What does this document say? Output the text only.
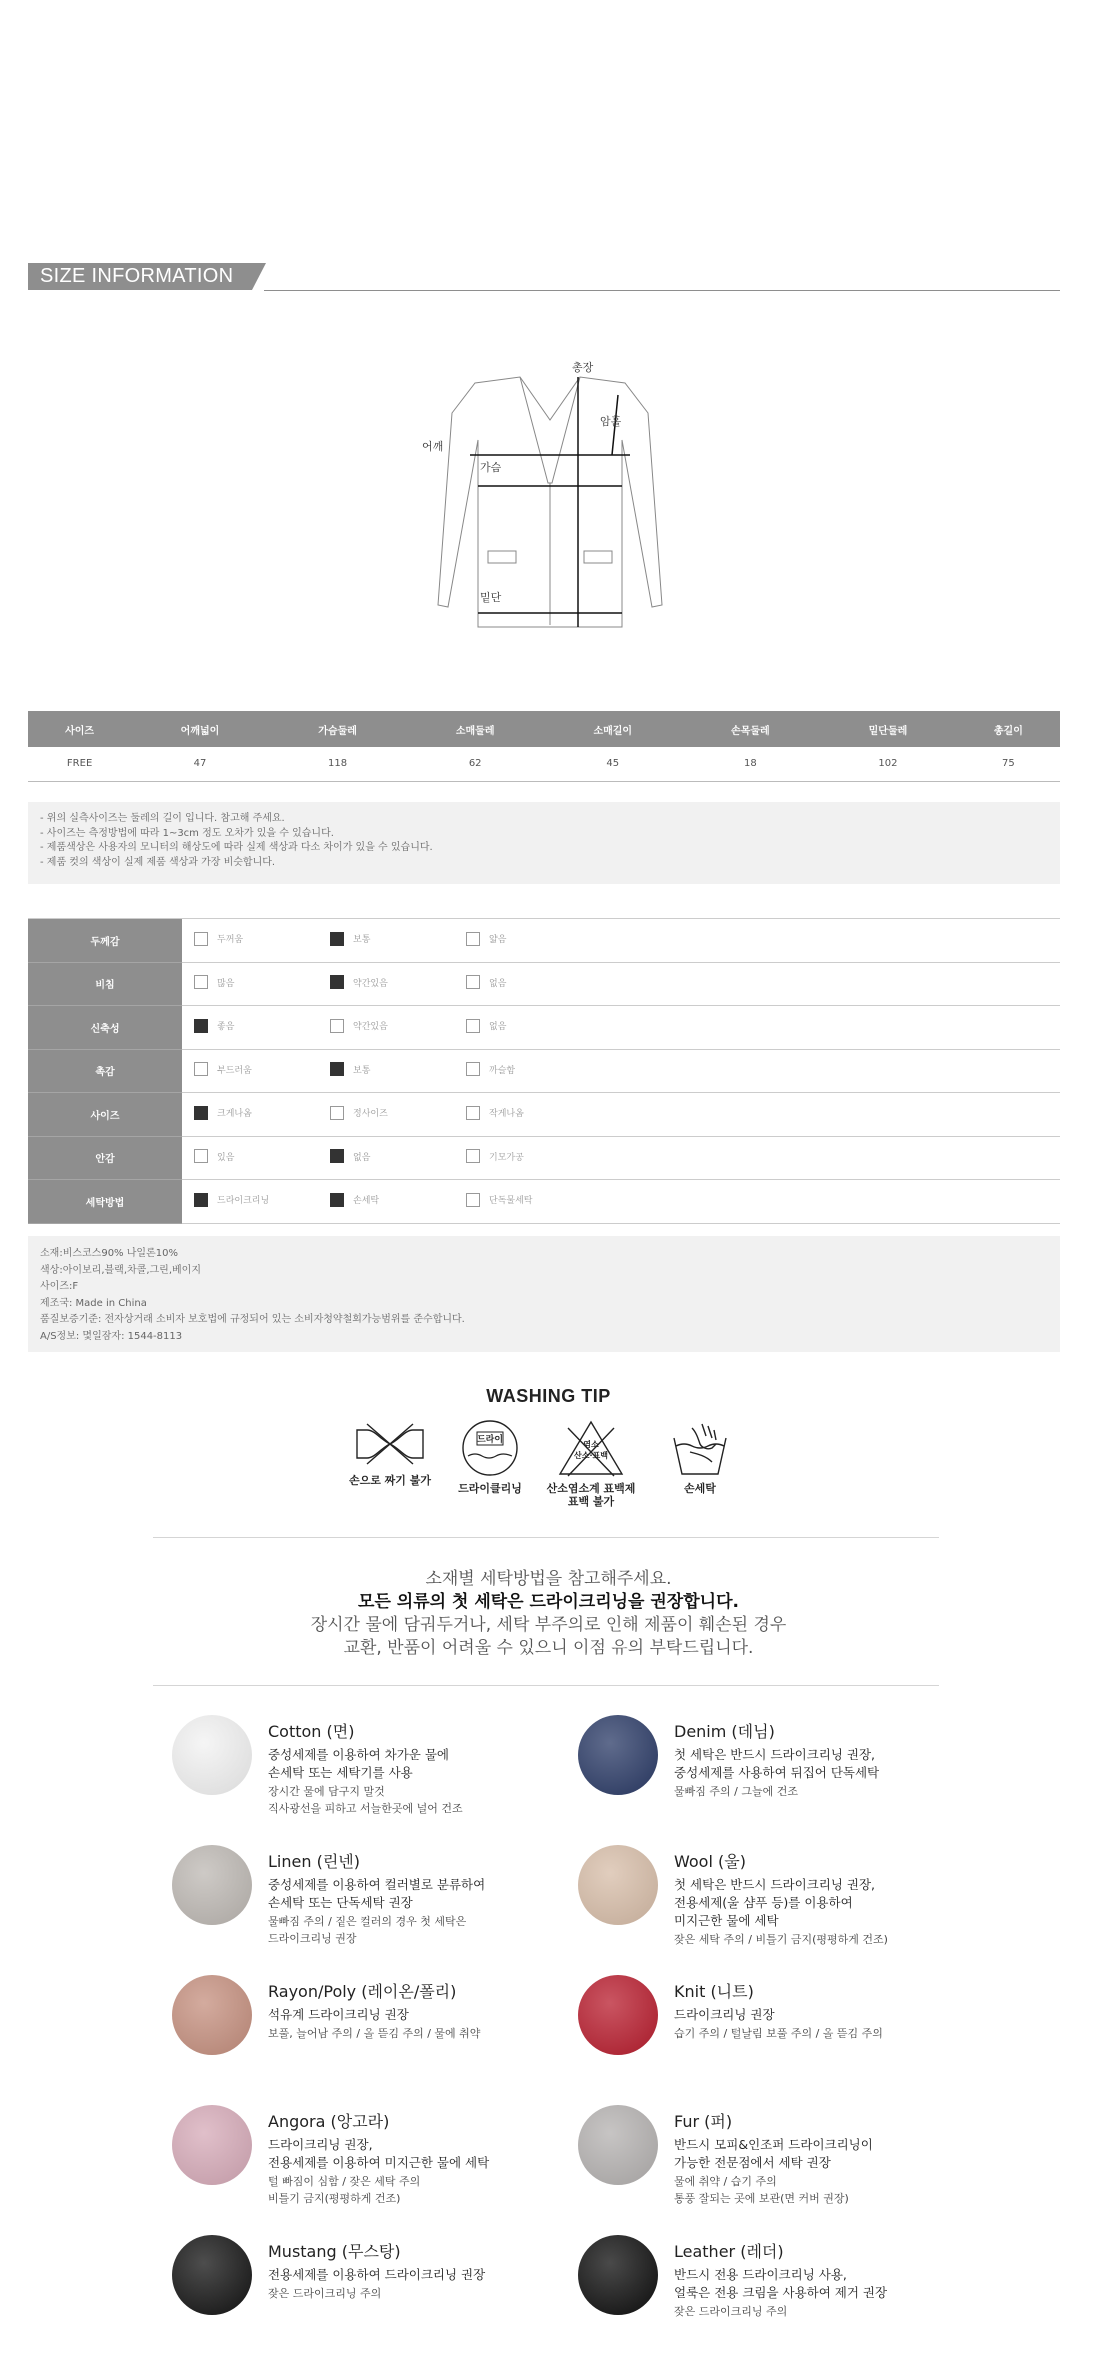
SIZE INFORMATION
총장
어깨
암홀
가슴
밑단
사이즈	어깨넓이	가슴둘레	소매둘레	소매길이	손목둘레	밑단둘레	총길이
FREE	47	118	62	45	18	102	75
- 위의 실측사이즈는 둘레의 길이 입니다. 참고해 주세요.
- 사이즈는 측정방법에 따라 1~3cm 정도 오차가 있을 수 있습니다.
- 제품색상은 사용자의 모니터의 해상도에 따라 실제 색상과 다소 차이가 있을 수 있습니다.
- 제품 컷의 색상이 실제 제품 색상과 가장 비슷합니다.
두께감	두꺼움 보통 얇음

비침	많음 약간있음 없음

신축성	좋음 약간있음 없음

촉감	부드러움 보통 까슬함

사이즈	크게나옴 정사이즈 작게나옴

안감	있음 없음 기모가공

세탁방법	드라이크리닝 손세탁 단독물세탁
소재:비스코스90% 나일론10%
색상:아이보리,블랙,차콜,그린,베이지
사이즈:F
제조국: Made in China
품질보증기준: 전자상거래 소비자 보호법에 규정되어 있는 소비자청약철회가능범위를 준수합니다.
A/S정보: 몇일잠자: 1544-8113
WASHING TIP
손으로 짜기 불가
드라이
드라이클리닝
염소
산소·표백
산소염소계 표백제
표백 불가
손세탁
소재별 세탁방법을 참고해주세요.
모든 의류의 첫 세탁은 드라이크리닝을 권장합니다.
장시간 물에 담궈두거나, 세탁 부주의로 인해 제품이 훼손된 경우
교환, 반품이 어려울 수 있으니 이점 유의 부탁드립니다.
Cotton (면)
중성세제를 이용하여 차가운 물에
손세탁 또는 세탁기를 사용
장시간 물에 담구지 말것
직사광선을 피하고 서늘한곳에 널어 건조
Denim (데님)
첫 세탁은 반드시 드라이크리닝 권장,
중성세제를 사용하여 뒤집어 단독세탁
물빠짐 주의 / 그늘에 건조
Linen (린넨)
중성세제를 이용하여 컬러별로 분류하여
손세탁 또는 단독세탁 권장
물빠짐 주의 / 짙은 컬러의 경우 첫 세탁은
드라이크리닝 권장
Wool (울)
첫 세탁은 반드시 드라이크리닝 권장,
전용세제(울 샴푸 등)를 이용하여
미지근한 물에 세탁
잦은 세탁 주의 / 비틀기 금지(평평하게 건조)
Rayon/Poly (레이온/폴리)
석유계 드라이크리닝 권장
보풀, 늘어남 주의 / 올 뜯김 주의 / 물에 취약
Knit (니트)
드라이크리닝 권장
습기 주의 / 털날림 보풀 주의 / 올 뜯김 주의
Angora (앙고라)
드라이크리닝 권장,
전용세제를 이용하여 미지근한 물에 세탁
털 빠짐이 심함 / 잦은 세탁 주의
비틀기 금지(평평하게 건조)
Fur (퍼)
반드시 모피&인조퍼 드라이크리닝이
가능한 전문점에서 세탁 권장
물에 취약 / 습기 주의
통풍 잘되는 곳에 보관(면 커버 권장)
Mustang (무스탕)
전용세제를 이용하여 드라이크리닝 권장
잦은 드라이크리닝 주의
Leather (레더)
반드시 전용 드라이크리닝 사용,
얼룩은 전용 크림을 사용하여 제거 권장
잦은 드라이크리닝 주의
